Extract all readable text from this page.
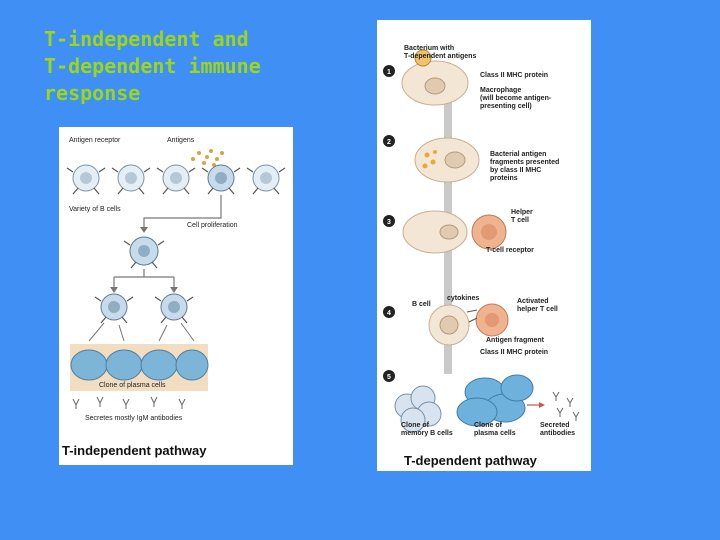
T-independent and
T-dependent immune
response
Antigen receptor	Antigens
Variety of B cells
Cell proliferation
Clone of plasma cells
Secretes mostly IgM antibodies
T-independent pathway
1
2
3
4
5
Bacterium with
T-dependent antigens
Class II MHC protein
Macrophage
(will become antigen-
presenting cell)
Bacterial antigen
fragments presented
by class II MHC
proteins
Helper
T cell
T-cell receptor
B cell
cytokines	Activated
helper T cell
Antigen fragment
Class II MHC protein
Clone of
memory B cells
Clone of
plasma cells
Secreted
antibodies
T-dependent pathway
